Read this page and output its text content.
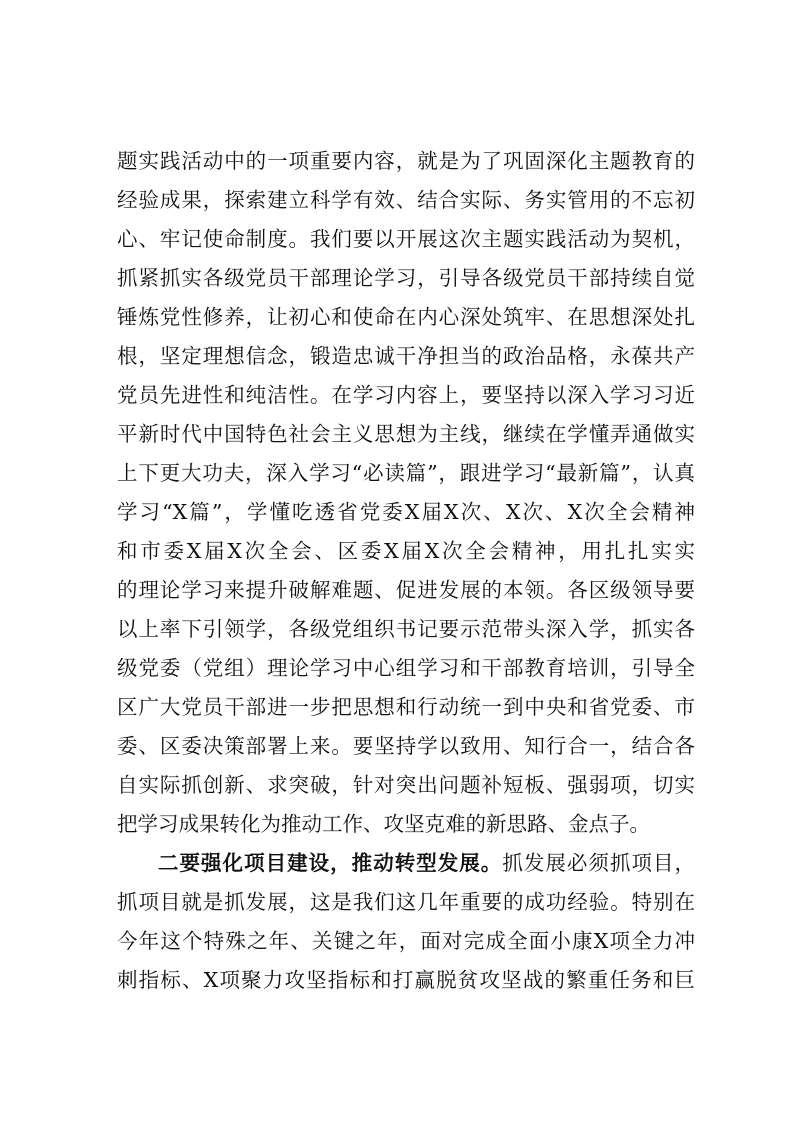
题实践活动中的一项重要内容，就是为了巩固深化主题教育的
经验成果，探索建立科学有效、结合实际、务实管用的不忘初
心、牢记使命制度。我们要以开展这次主题实践活动为契机，
抓紧抓实各级党员干部理论学习，引导各级党员干部持续自觉
锤炼党性修养，让初心和使命在内心深处筑牢、在思想深处扎
根，坚定理想信念，锻造忠诚干净担当的政治品格，永葆共产
党员先进性和纯洁性。在学习内容上，要坚持以深入学习习近
平新时代中国特色社会主义思想为主线，继续在学懂弄通做实
上下更大功夫，深入学习“必读篇”，跟进学习“最新篇”，认真
学习“X篇”，学懂吃透省党委X届X次、X次、X次全会精神
和市委X届X次全会、区委X届X次全会精神，用扎扎实实
的理论学习来提升破解难题、促进发展的本领。各区级领导要
以上率下引领学，各级党组织书记要示范带头深入学，抓实各
级党委（党组）理论学习中心组学习和干部教育培训，引导全
区广大党员干部进一步把思想和行动统一到中央和省党委、市
委、区委决策部署上来。要坚持学以致用、知行合一，结合各
自实际抓创新、求突破，针对突出问题补短板、强弱项，切实
把学习成果转化为推动工作、攻坚克难的新思路、金点子。
二要强化项目建设，推动转型发展。抓发展必须抓项目，
抓项目就是抓发展，这是我们这几年重要的成功经验。特别在
今年这个特殊之年、关键之年，面对完成全面小康X项全力冲
刺指标、X项聚力攻坚指标和打赢脱贫攻坚战的繁重任务和巨
